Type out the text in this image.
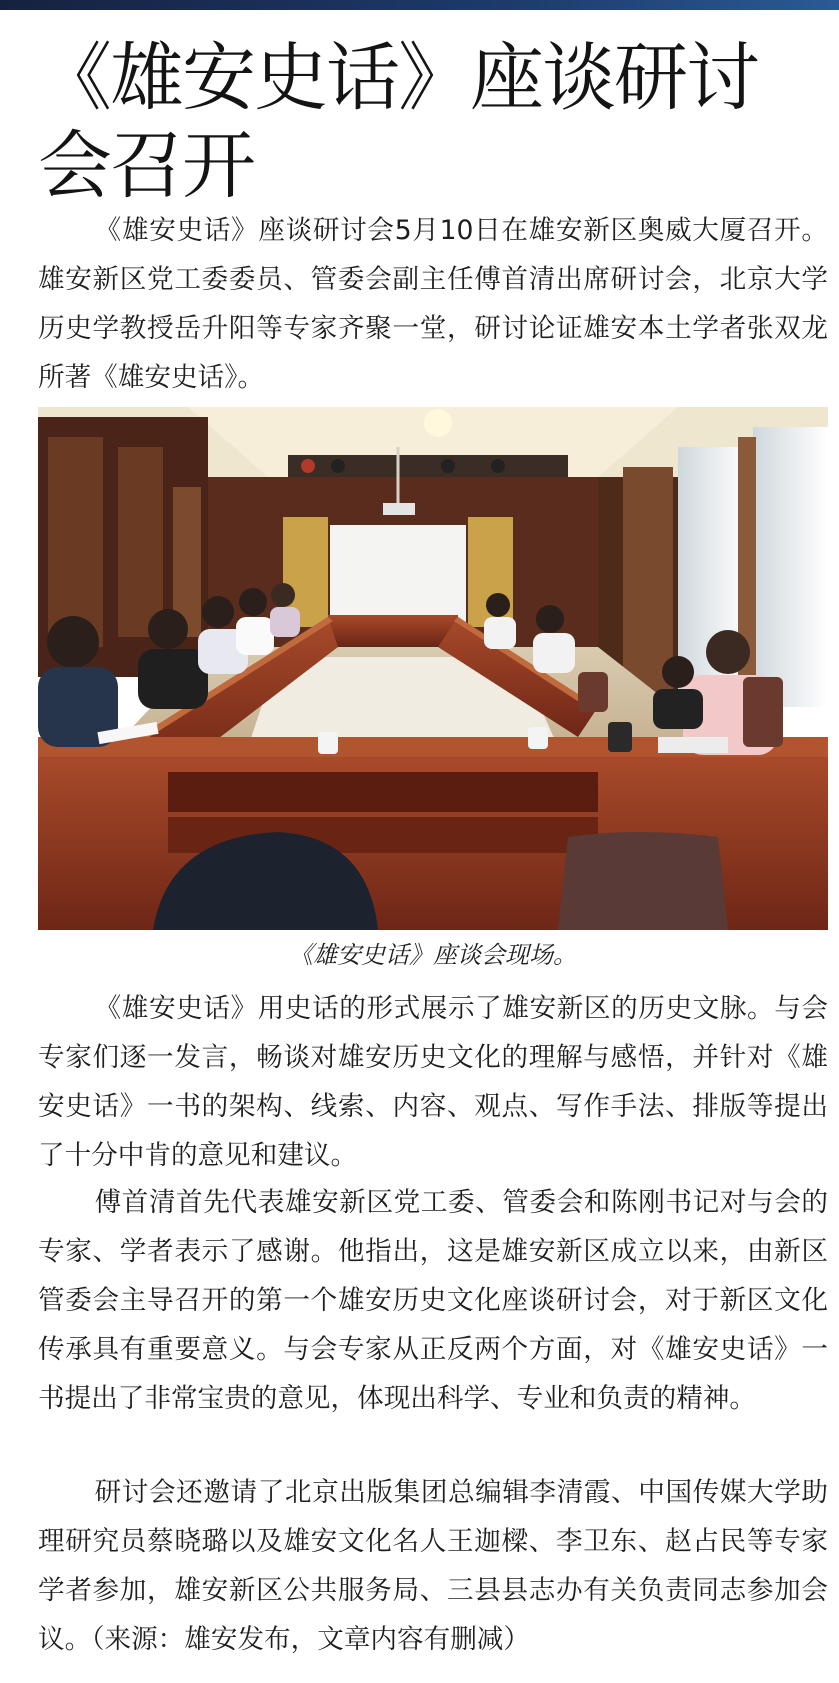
《雄安史话》座谈研讨会召开

《雄安史话》座谈研讨会5月10日在雄安新区奥威大厦召开。雄安新区党工委委员、管委会副主任傅首清出席研讨会，北京大学历史学教授岳升阳等专家齐聚一堂，研讨论证雄安本土学者张双龙所著《雄安史话》。

《雄安史话》座谈会现场。

《雄安史话》用史话的形式展示了雄安新区的历史文脉。与会专家们逐一发言，畅谈对雄安历史文化的理解与感悟，并针对《雄安史话》一书的架构、线索、内容、观点、写作手法、排版等提出了十分中肯的意见和建议。

傅首清首先代表雄安新区党工委、管委会和陈刚书记对与会的专家、学者表示了感谢。他指出，这是雄安新区成立以来，由新区管委会主导召开的第一个雄安历史文化座谈研讨会，对于新区文化传承具有重要意义。与会专家从正反两个方面，对《雄安史话》一书提出了非常宝贵的意见，体现出科学、专业和负责的精神。

研讨会还邀请了北京出版集团总编辑李清霞、中国传媒大学助理研究员蔡晓璐以及雄安文化名人王迦樑、李卫东、赵占民等专家学者参加，雄安新区公共服务局、三县县志办有关负责同志参加会议。（来源：雄安发布，文章内容有删减）
